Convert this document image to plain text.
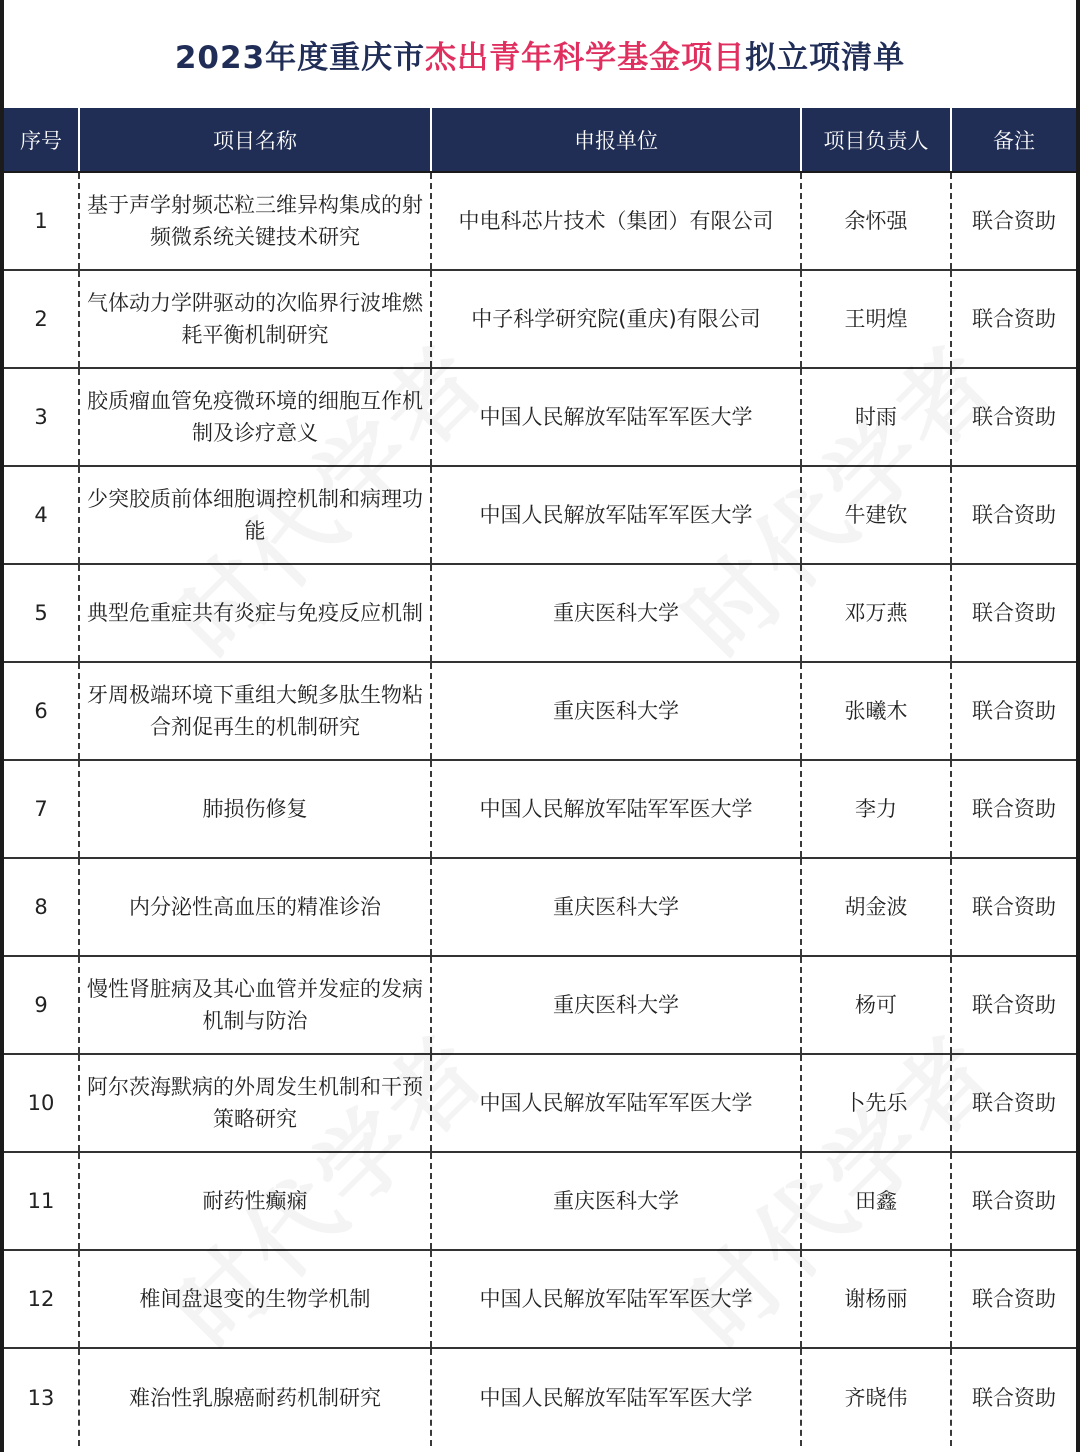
2023年度重庆市 杰出青年科学基金项目 拟立项清单
序号	项目名称	申报单位	项目负责人	备注
1	基于声学射频芯粒三维异构集成的射频微系统关键技术研究	中电科芯片技术（集团）有限公司	余怀强	联合资助
2	气体动力学阱驱动的次临界行波堆燃耗平衡机制研究	中子科学研究院(重庆)有限公司	王明煌	联合资助
3	胶质瘤血管免疫微环境的细胞互作机制及诊疗意义	中国人民解放军陆军军医大学	时雨	联合资助
4	少突胶质前体细胞调控机制和病理功能	中国人民解放军陆军军医大学	牛建钦	联合资助
5	典型危重症共有炎症与免疫反应机制	重庆医科大学	邓万燕	联合资助
6	牙周极端环境下重组大鲵多肽生物粘合剂促再生的机制研究	重庆医科大学	张曦木	联合资助
7	肺损伤修复	中国人民解放军陆军军医大学	李力	联合资助
8	内分泌性高血压的精准诊治	重庆医科大学	胡金波	联合资助
9	慢性肾脏病及其心血管并发症的发病机制与防治	重庆医科大学	杨可	联合资助
10	阿尔茨海默病的外周发生机制和干预策略研究	中国人民解放军陆军军医大学	卜先乐	联合资助
11	耐药性癫痫	重庆医科大学	田鑫	联合资助
12	椎间盘退变的生物学机制	中国人民解放军陆军军医大学	谢杨丽	联合资助
13	难治性乳腺癌耐药机制研究	中国人民解放军陆军军医大学	齐晓伟	联合资助
